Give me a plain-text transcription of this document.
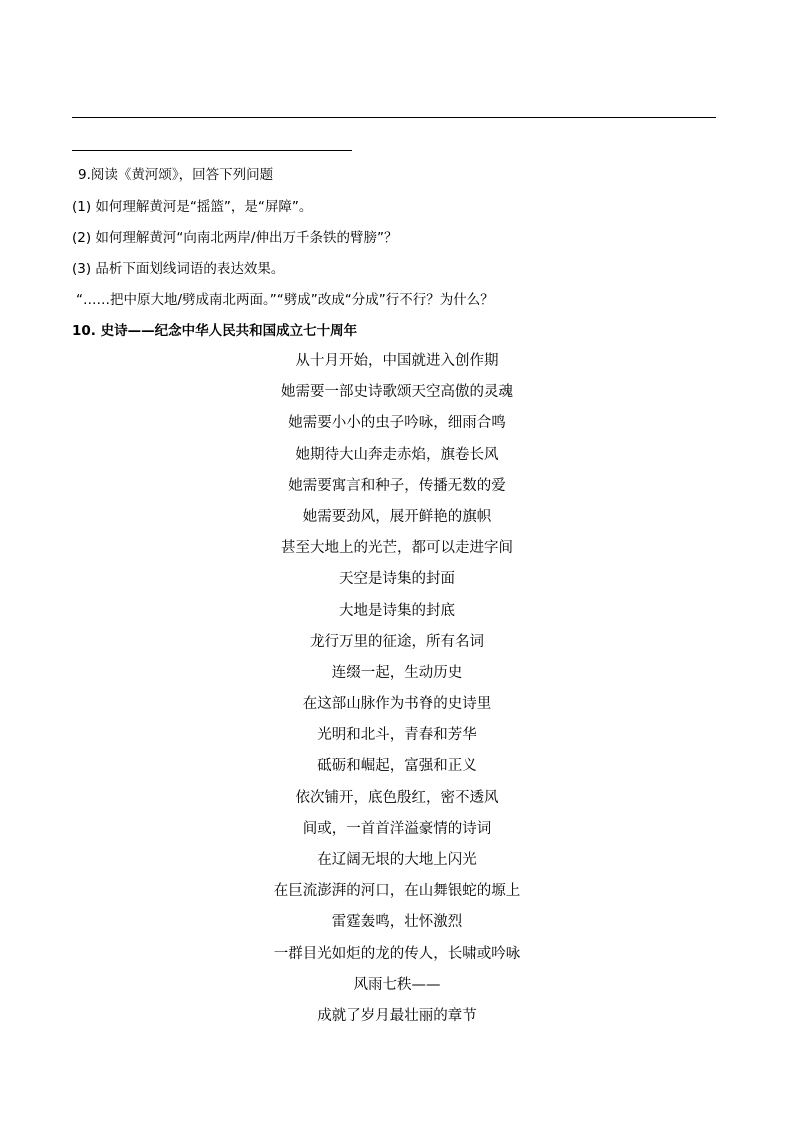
9.阅读《黄河颂》，回答下列问题
(1) 如何理解黄河是“摇篮”，是“屏障”。
(2) 如何理解黄河“向南北两岸/伸出万千条铁的臂膀”？
(3) 品析下面划线词语的表达效果。
“……把中原大地/劈成南北两面。”“劈成”改成“分成”行不行？为什么？
10. 史诗——纪念中华人民共和国成立七十周年
从十月开始，中国就进入创作期
她需要一部史诗歌颂天空高傲的灵魂
她需要小小的虫子吟咏，细雨合鸣
她期待大山奔走赤焰，旗卷长风
她需要寓言和种子，传播无数的爱
她需要劲风，展开鲜艳的旗帜
甚至大地上的光芒，都可以走进字间
天空是诗集的封面
大地是诗集的封底
龙行万里的征途，所有名词
连缀一起，生动历史
在这部山脉作为书脊的史诗里
光明和北斗，青春和芳华
砥砺和崛起，富强和正义
依次铺开，底色殷红，密不透风
间或，一首首洋溢豪情的诗词
在辽阔无垠的大地上闪光
在巨流澎湃的河口，在山舞银蛇的塬上
雷霆轰鸣，壮怀激烈
一群目光如炬的龙的传人，长啸或吟咏
风雨七秩——
成就了岁月最壮丽的章节
